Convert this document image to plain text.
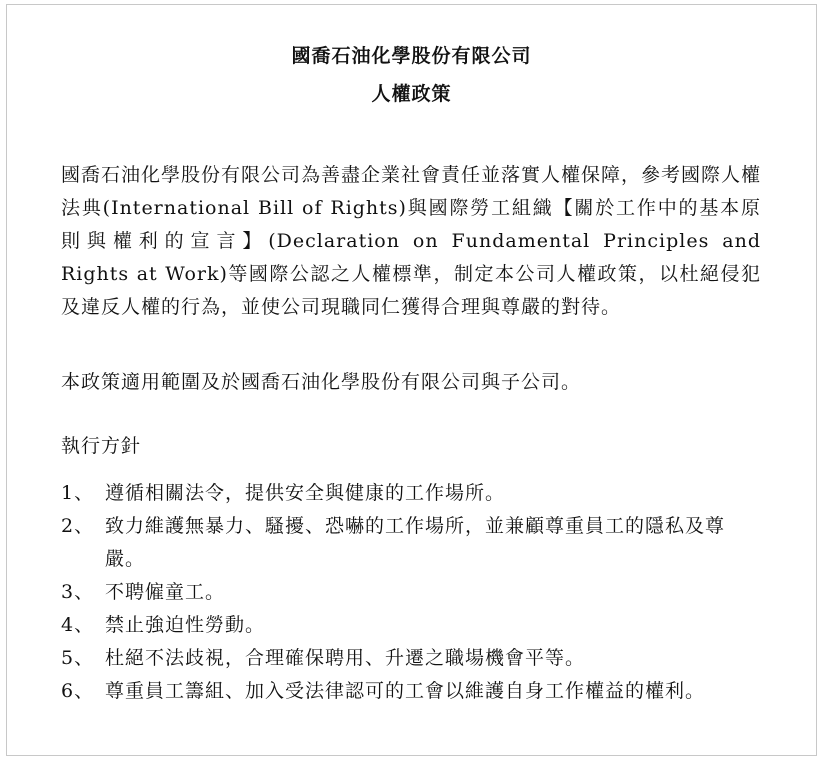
國喬石油化學股份有限公司
人權政策
國喬石油化學股份有限公司為善盡企業社會責任並落實人權保障，參考國際人權法典(International Bill of Rights)與國際勞工組織【關於工作中的基本原則與權利的宣言】(Declaration on Fundamental Principles and Rights at Work)等國際公認之人權標準，制定本公司人權政策，以杜絕侵犯及違反人權的行為，並使公司現職同仁獲得合理與尊嚴的對待。
本政策適用範圍及於國喬石油化學股份有限公司與子公司。
執行方針
1、 遵循相關法令，提供安全與健康的工作場所。
2、 致力維護無暴力、騷擾、恐嚇的工作場所，並兼顧尊重員工的隱私及尊嚴。
3、 不聘僱童工。
4、 禁止強迫性勞動。
5、 杜絕不法歧視，合理確保聘用、升遷之職場機會平等。
6、 尊重員工籌組、加入受法律認可的工會以維護自身工作權益的權利。
